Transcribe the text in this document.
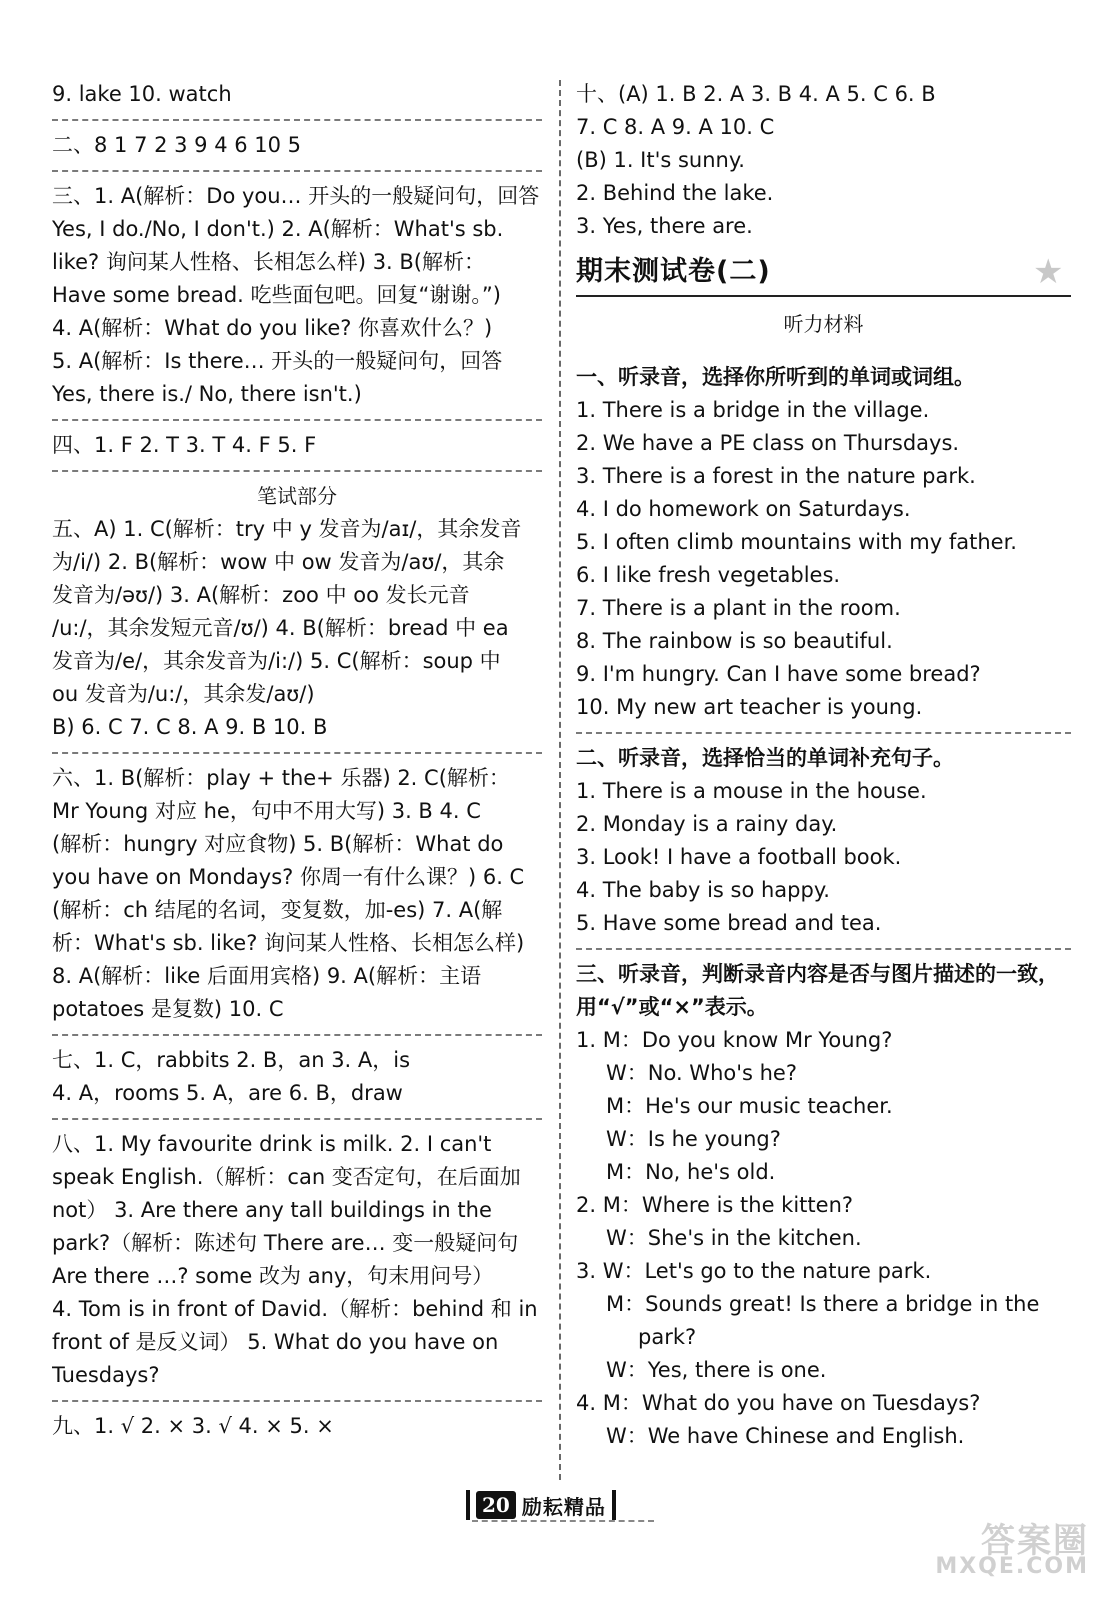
9. lake 10. watch

二、8 1 7 2 3 9 4 6 10 5

三、1. A(解析：Do you… 开头的一般疑问句，回答

Yes, I do./No, I don't.) 2. A(解析：What's sb.

like? 询问某人性格、长相怎么样) 3. B(解析：

Have some bread. 吃些面包吧。回复“谢谢。”)

4. A(解析：What do you like? 你喜欢什么？)

5. A(解析：Is there… 开头的一般疑问句，回答

Yes, there is./ No, there isn't.)

四、1. F 2. T 3. T 4. F 5. F

笔试部分

五、A) 1. C(解析：try 中 y 发音为/aɪ/，其余发音

为/i/) 2. B(解析：wow 中 ow 发音为/aʊ/，其余

发音为/əʊ/) 3. A(解析：zoo 中 oo 发长元音

/u:/，其余发短元音/ʊ/) 4. B(解析：bread 中 ea

发音为/e/，其余发音为/i:/) 5. C(解析：soup 中

ou 发音为/u:/，其余发/aʊ/)

B) 6. C 7. C 8. A 9. B 10. B

六、1. B(解析：play + the+ 乐器) 2. C(解析：

Mr Young 对应 he，句中不用大写) 3. B 4. C

(解析：hungry 对应食物) 5. B(解析：What do

you have on Mondays? 你周一有什么课？) 6. C

(解析：ch 结尾的名词，变复数，加-es) 7. A(解

析：What's sb. like? 询问某人性格、长相怎么样)

8. A(解析：like 后面用宾格) 9. A(解析：主语

potatoes 是复数) 10. C

七、1. C，rabbits 2. B，an 3. A，is

4. A，rooms 5. A，are 6. B，draw

八、1. My favourite drink is milk. 2. I can't

speak English.（解析：can 变否定句，在后面加

not） 3. Are there any tall buildings in the

park?（解析：陈述句 There are… 变一般疑问句

Are there …? some 改为 any，句末用问号）

4. Tom is in front of David.（解析：behind 和 in

front of 是反义词） 5. What do you have on

Tuesdays?

九、1. √ 2. × 3. √ 4. × 5. ×

十、(A) 1. B 2. A 3. B 4. A 5. C 6. B

7. C 8. A 9. A 10. C

(B) 1. It's sunny.

2. Behind the lake.

3. Yes, there are.

期末测试卷(二)	★

听力材料

一、听录音，选择你所听到的单词或词组。

1. There is a bridge in the village.

2. We have a PE class on Thursdays.

3. There is a forest in the nature park.

4. I do homework on Saturdays.

5. I often climb mountains with my father.

6. I like fresh vegetables.

7. There is a plant in the room.

8. The rainbow is so beautiful.

9. I'm hungry. Can I have some bread?

10. My new art teacher is young.

二、听录音，选择恰当的单词补充句子。

1. There is a mouse in the house.

2. Monday is a rainy day.

3. Look! I have a football book.

4. The baby is so happy.

5. Have some bread and tea.

三、听录音，判断录音内容是否与图片描述的一致，

用“√”或“×”表示。

1. M：Do you know Mr Young?

W：No. Who's he?

M：He's our music teacher.

W：Is he young?

M：No, he's old.

2. M：Where is the kitten?

W：She's in the kitchen.

3. W：Let's go to the nature park.

M：Sounds great! Is there a bridge in the

park?

W：Yes, there is one.

4. M：What do you have on Tuesdays?

W：We have Chinese and English.

20 励耘精品
答案圈
MXQE.COM
